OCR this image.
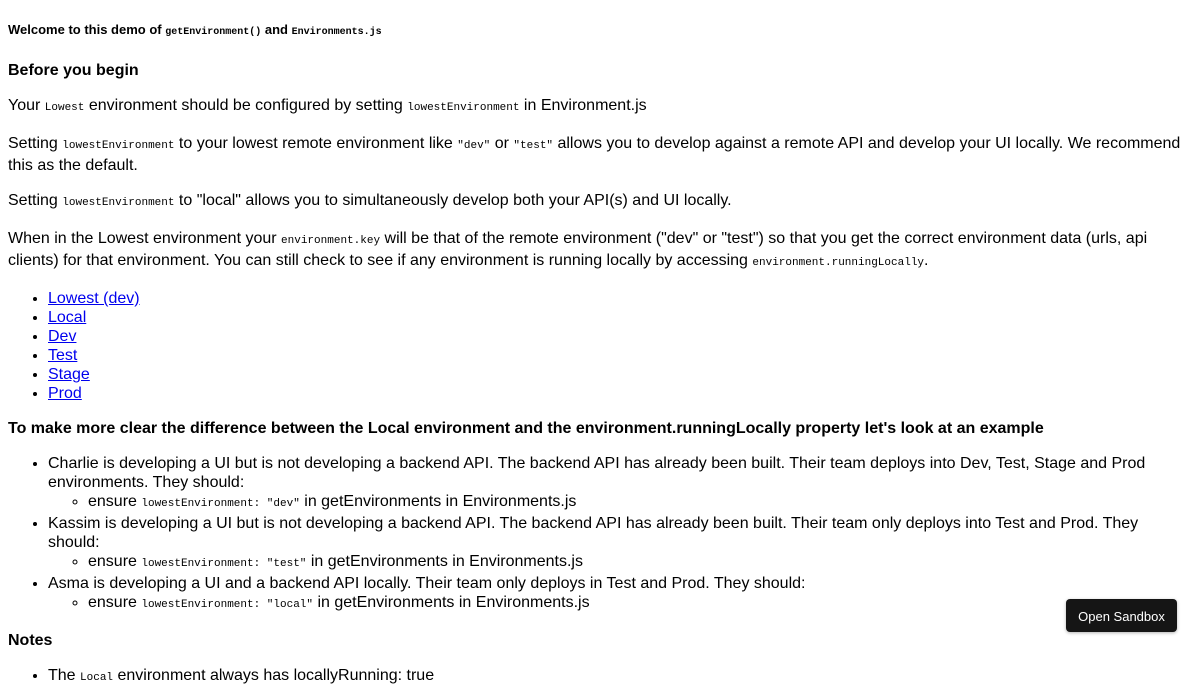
Welcome to this demo of getEnvironment() and Environments.js
Before you begin

Your Lowest environment should be configured by setting lowestEnvironment in Environment.js

Setting lowestEnvironment to your lowest remote environment like "dev" or "test" allows you to develop against a remote API and develop your UI locally. We recommend this as the default.

Setting lowestEnvironment to "local" allows you to simultaneously develop both your API(s) and UI locally.

When in the Lowest environment your environment.key will be that of the remote environment ("dev" or "test") so that you get the correct environment data (urls, api clients) for that environment. You can still check to see if any environment is running locally by accessing environment.runningLocally.

• Lowest (dev)
• Local
• Dev
• Test
• Stage
• Prod
To make more clear the difference between the Local environment and the environment.runningLocally property let's look at an example
• Charlie is developing a UI but is not developing a backend API. The backend API has already been built. Their team deploys into Dev, Test, Stage and Prod environments. They should:
◦ ensure lowestEnvironment: "dev" in getEnvironments in Environments.js
• Kassim is developing a UI but is not developing a backend API. The backend API has already been built. Their team only deploys into Test and Prod. They should:
◦ ensure lowestEnvironment: "test" in getEnvironments in Environments.js
• Asma is developing a UI and a backend API locally. Their team only deploys in Test and Prod. They should:
◦ ensure lowestEnvironment: "local" in getEnvironments in Environments.js
Notes
• The Local environment always has locallyRunning: true
Open Sandbox
